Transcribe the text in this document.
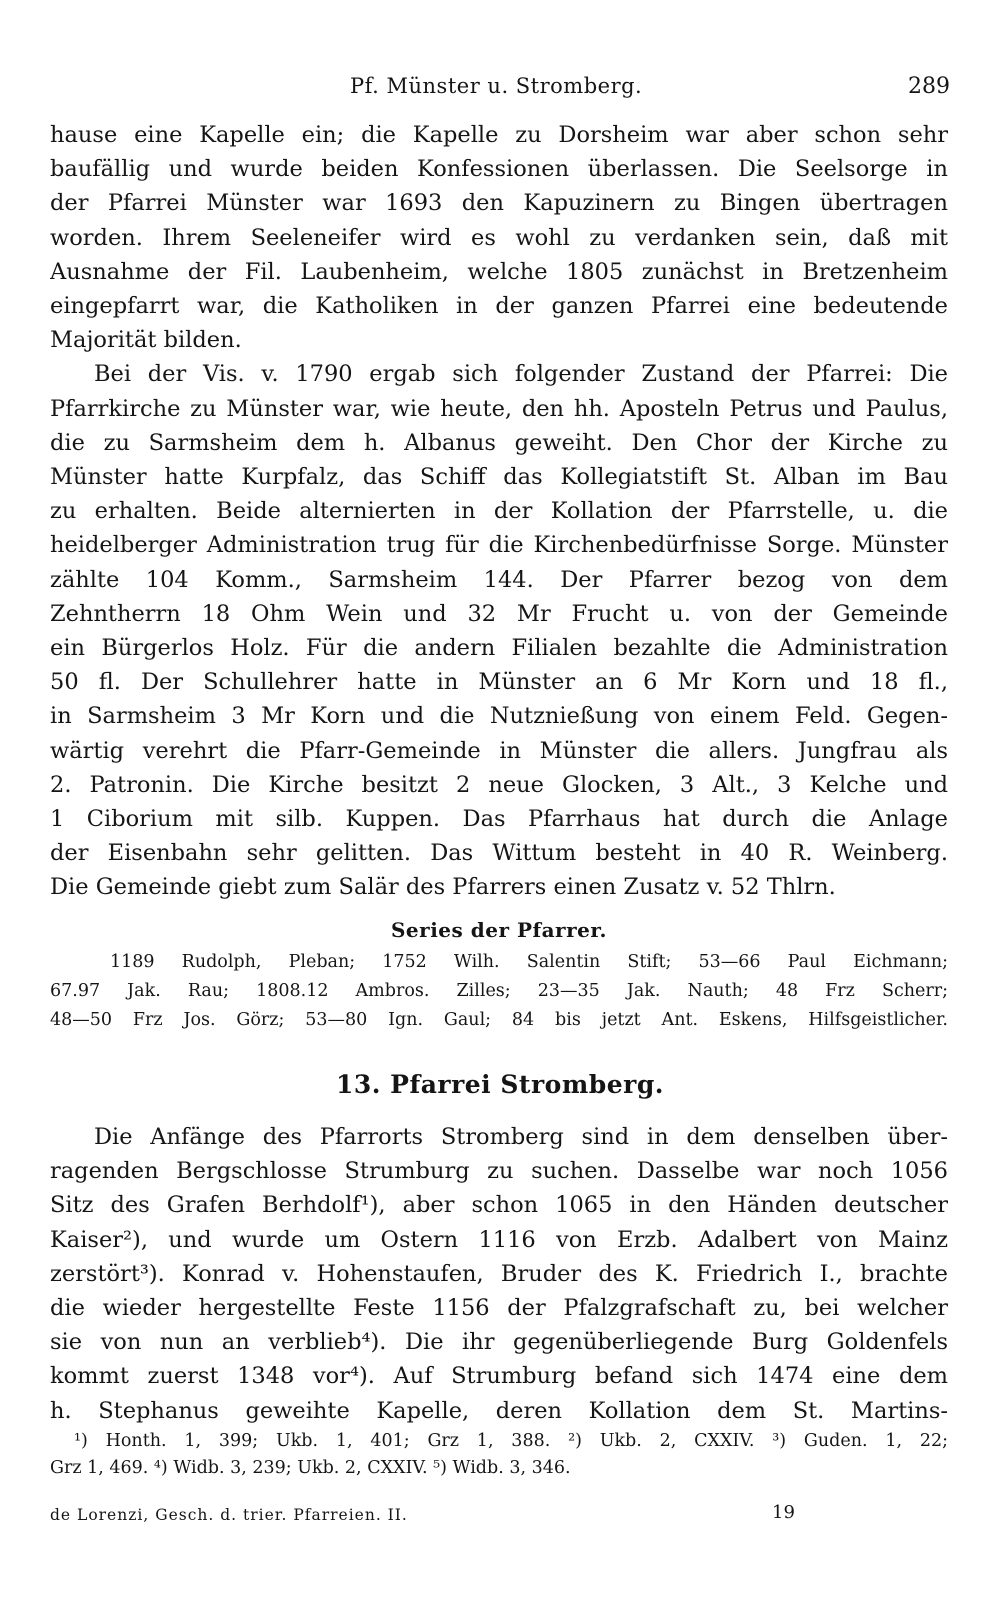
Pf. Münster u. Stromberg.	289
hause eine Kapelle ein; die Kapelle zu Dorsheim war aber schon sehr
baufällig und wurde beiden Konfessionen überlassen. Die Seelsorge in
der Pfarrei Münster war 1693 den Kapuzinern zu Bingen übertragen
worden. Ihrem Seeleneifer wird es wohl zu verdanken sein, daß mit
Ausnahme der Fil. Laubenheim, welche 1805 zunächst in Bretzenheim
eingepfarrt war, die Katholiken in der ganzen Pfarrei eine bedeutende
Majorität bilden.
Bei der Vis. v. 1790 ergab sich folgender Zustand der Pfarrei: Die
Pfarrkirche zu Münster war, wie heute, den hh. Aposteln Petrus und Paulus,
die zu Sarmsheim dem h. Albanus geweiht. Den Chor der Kirche zu
Münster hatte Kurpfalz, das Schiff das Kollegiatstift St. Alban im Bau
zu erhalten. Beide alternierten in der Kollation der Pfarrstelle, u. die
heidelberger Administration trug für die Kirchenbedürfnisse Sorge. Münster
zählte 104 Komm., Sarmsheim 144. Der Pfarrer bezog von dem
Zehntherrn 18 Ohm Wein und 32 Mr Frucht u. von der Gemeinde
ein Bürgerlos Holz. Für die andern Filialen bezahlte die Administration
50 fl. Der Schullehrer hatte in Münster an 6 Mr Korn und 18 fl.,
in Sarmsheim 3 Mr Korn und die Nutznießung von einem Feld. Gegen-
wärtig verehrt die Pfarr-Gemeinde in Münster die allers. Jungfrau als
2. Patronin. Die Kirche besitzt 2 neue Glocken, 3 Alt., 3 Kelche und
1 Ciborium mit silb. Kuppen. Das Pfarrhaus hat durch die Anlage
der Eisenbahn sehr gelitten. Das Wittum besteht in 40 R. Weinberg.
Die Gemeinde giebt zum Salär des Pfarrers einen Zusatz v. 52 Thlrn.
Series der Pfarrer.
1189 Rudolph, Pleban; 1752 Wilh. Salentin Stift; 53—66 Paul Eichmann;
67.97 Jak. Rau; 1808.12 Ambros. Zilles; 23—35 Jak. Nauth; 48 Frz Scherr;
48—50 Frz Jos. Görz; 53—80 Ign. Gaul; 84 bis jetzt Ant. Eskens, Hilfsgeistlicher.
13. Pfarrei Stromberg.
Die Anfänge des Pfarrorts Stromberg sind in dem denselben über-
ragenden Bergschlosse Strumburg zu suchen. Dasselbe war noch 1056
Sitz des Grafen Berhdolf¹), aber schon 1065 in den Händen deutscher
Kaiser²), und wurde um Ostern 1116 von Erzb. Adalbert von Mainz
zerstört³). Konrad v. Hohenstaufen, Bruder des K. Friedrich I., brachte
die wieder hergestellte Feste 1156 der Pfalzgrafschaft zu, bei welcher
sie von nun an verblieb⁴). Die ihr gegenüberliegende Burg Goldenfels
kommt zuerst 1348 vor⁴). Auf Strumburg befand sich 1474 eine dem
h. Stephanus geweihte Kapelle, deren Kollation dem St. Martins-
¹) Honth. 1, 399; Ukb. 1, 401; Grz 1, 388. ²) Ukb. 2, CXXIV. ³) Guden. 1, 22;
Grz 1, 469. ⁴) Widb. 3, 239; Ukb. 2, CXXIV. ⁵) Widb. 3, 346.
de Lorenzi, Gesch. d. trier. Pfarreien. II.	19
